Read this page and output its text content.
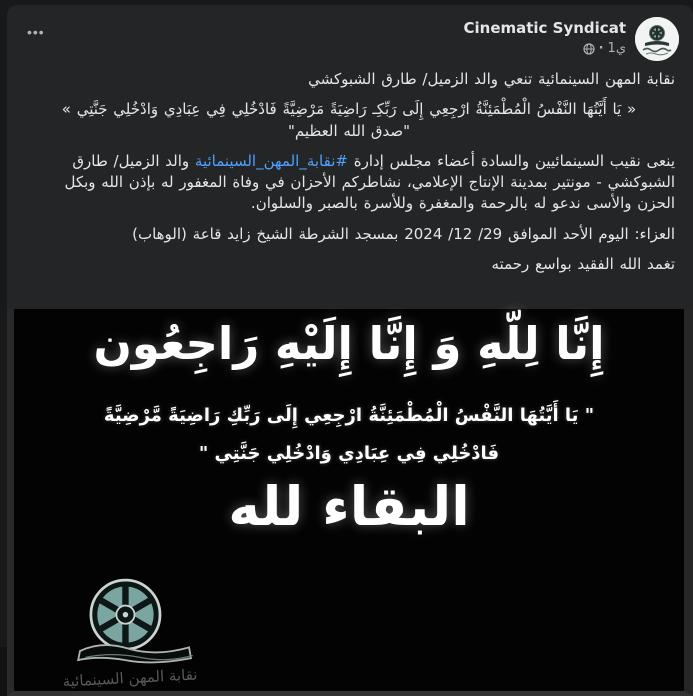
Cinematic Syndicat
ي1
·
•••

نقابة المهن السينمائية تنعي والد الزميل/ طارق الشبوكشي

« يَا أَيَّتُهَا النَّفْسُ الْمُطْمَئِنَّةُ ارْجِعِي إِلَى رَبِّكِـ رَاضِيَةً مَرْضِيَّةً فَادْخُلِي فِي عِبَادِي وَادْخُلِي جَنَّتِي »
"صدق الله العظيم"

ينعى نقيب السينمائيين والسادة أعضاء مجلس إدارة #نقابة_المهن_السينمائية والد الزميل/ طارق الشبوكشي - مونتير بمدينة الإنتاج الإعلامي، نشاطركم الأحزان في وفاة المغفور له بإذن الله وبكل الحزن والأسى ندعو له بالرحمة والمغفرة وللأسرة بالصبر والسلوان.

العزاء: اليوم الأحد الموافق 29/ 12/ 2024 بمسجد الشرطة الشيخ زايد قاعة (الوهاب)

تغمد الله الفقيد بواسع رحمته

إِنَّا لِلّهِ وَ إِنَّا إِلَيْهِ رَاجِعُون
" يَا أَيَّتُهَا النَّفْسُ الْمُطْمَئِنَّةُ ارْجِعِي إِلَى رَبِّكِ رَاضِيَةً مَّرْضِيَّةً
فَادْخُلِي فِي عِبَادِي وَادْخُلِي جَنَّتِي "
البقاء لله
نقابة المهن السينمائية
